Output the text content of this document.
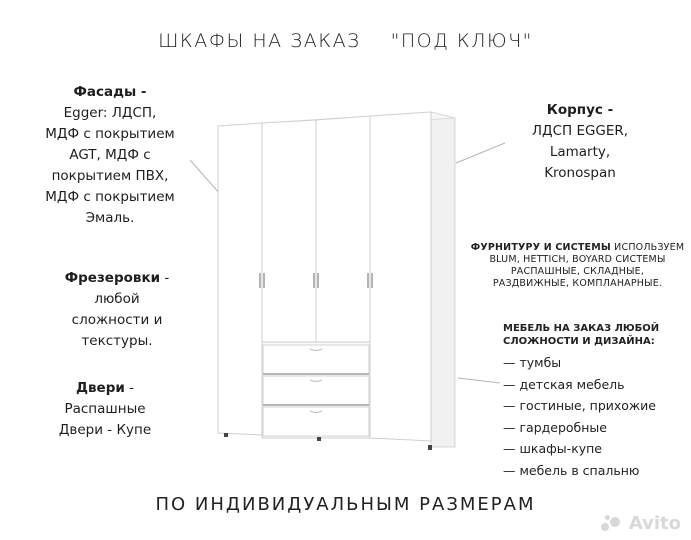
ШКАФЫ НА ЗАКАЗ "ПОД КЛЮЧ"
Фасады -
Egger: ЛДСП,
МДФ с покрытием
AGT, МДФ с
покрытием ПВХ,
МДФ с покрытием
Эмаль.
Фрезеровки -
любой
сложности и
текстуры.
Двери -
Распашные
Двери - Купе
Корпус -
ЛДСП EGGER,
Lamarty,
Kronospan
ФУРНИТУРУ И СИСТЕМЫ ИСПОЛЬЗУЕМ
BLUM, HETTICH, BOYARD СИСТЕМЫ
РАСПАШНЫЕ, СКЛАДНЫЕ,
РАЗДВИЖНЫЕ, КОМПЛАНАРНЫЕ.
МЕБЕЛЬ НА ЗАКАЗ ЛЮБОЙ
СЛОЖНОСТИ И ДИЗАЙНА:
— тумбы
— детская мебель
— гостиные, прихожие
— гардеробные
— шкафы-купе
— мебель в спальню
ПО ИНДИВИДУАЛЬНЫМ РАЗМЕРАМ
Avito
